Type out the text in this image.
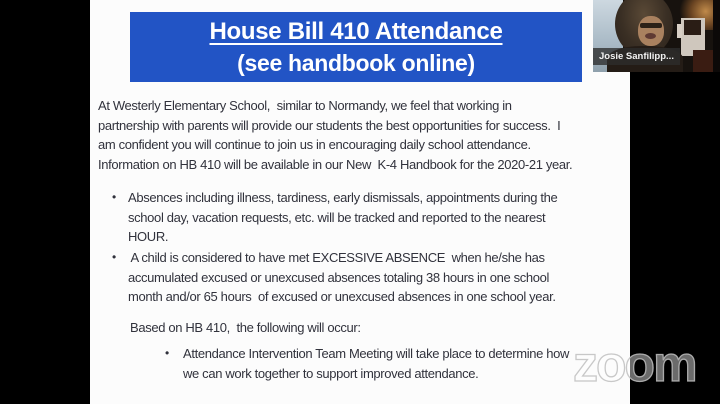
House Bill 410 Attendance
(see handbook online)
At Westerly Elementary School,  similar to Normandy, we feel that working in
partnership with parents will provide our students the best opportunities for success.  I
am confident you will continue to join us in encouraging daily school attendance.
Information on HB 410 will be available in our New  K-4 Handbook for the 2020-21 year.
• Absences including illness, tardiness, early dismissals, appointments during the
school day, vacation requests, etc. will be tracked and reported to the nearest
HOUR.
• A child is considered to have met EXCESSIVE ABSENCE  when he/she has
accumulated excused or unexcused absences totaling 38 hours in one school
month and/or 65 hours  of excused or unexcused absences in one school year.
Based on HB 410,  the following will occur:
•	Attendance Intervention Team Meeting will take place to determine how
we can work together to support improved attendance.
Josie Sanfilipp...
zoom
